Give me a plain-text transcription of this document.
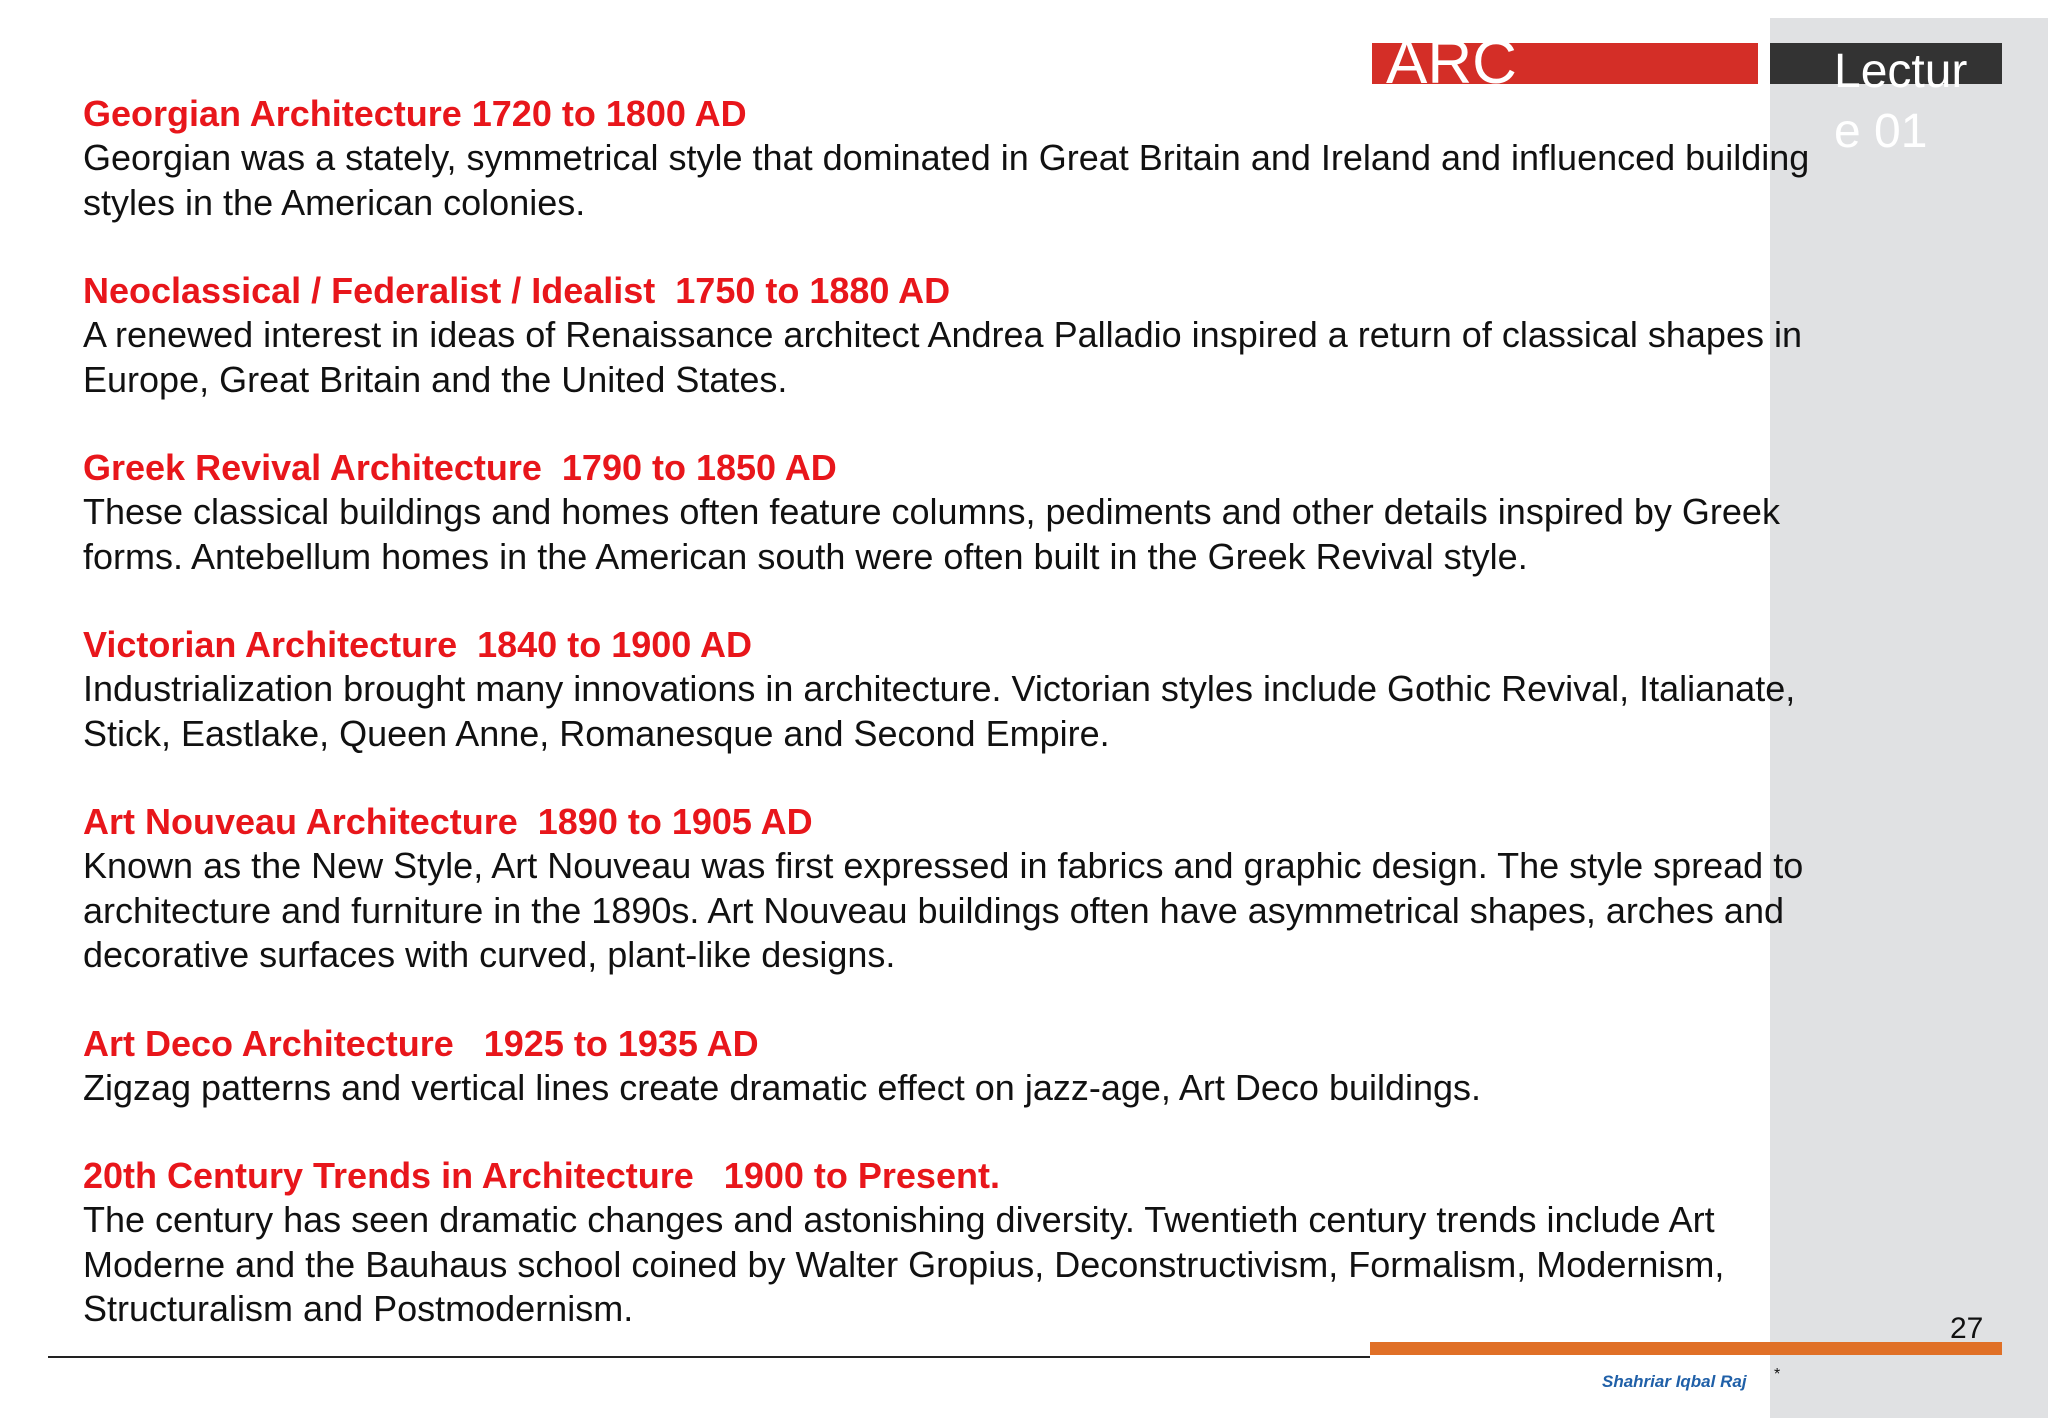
ARC	Lecture 01
Georgian Architecture 1720 to 1800 AD
Georgian was a stately, symmetrical style that dominated in Great Britain and Ireland and influenced building styles in the American colonies.
Neoclassical / Federalist / Idealist  1750 to 1880 AD
A renewed interest in ideas of Renaissance architect Andrea Palladio inspired a return of classical shapes in Europe, Great Britain and the United States.
Greek Revival Architecture  1790 to 1850 AD
These classical buildings and homes often feature columns, pediments and other details inspired by Greek forms. Antebellum homes in the American south were often built in the Greek Revival style.
Victorian Architecture  1840 to 1900 AD
Industrialization brought many innovations in architecture. Victorian styles include Gothic Revival, Italianate, Stick, Eastlake, Queen Anne, Romanesque and Second Empire.
Art Nouveau Architecture  1890 to 1905 AD
Known as the New Style, Art Nouveau was first expressed in fabrics and graphic design. The style spread to architecture and furniture in the 1890s. Art Nouveau buildings often have asymmetrical shapes, arches and decorative surfaces with curved, plant-like designs.
Art Deco Architecture   1925 to 1935 AD
Zigzag patterns and vertical lines create dramatic effect on jazz-age, Art Deco buildings.
20th Century Trends in Architecture   1900 to Present.
The century has seen dramatic changes and astonishing diversity. Twentieth century trends include Art Moderne and the Bauhaus school coined by Walter Gropius, Deconstructivism, Formalism, Modernism, Structuralism and Postmodernism.	27
Shahriar Iqbal Raj *
